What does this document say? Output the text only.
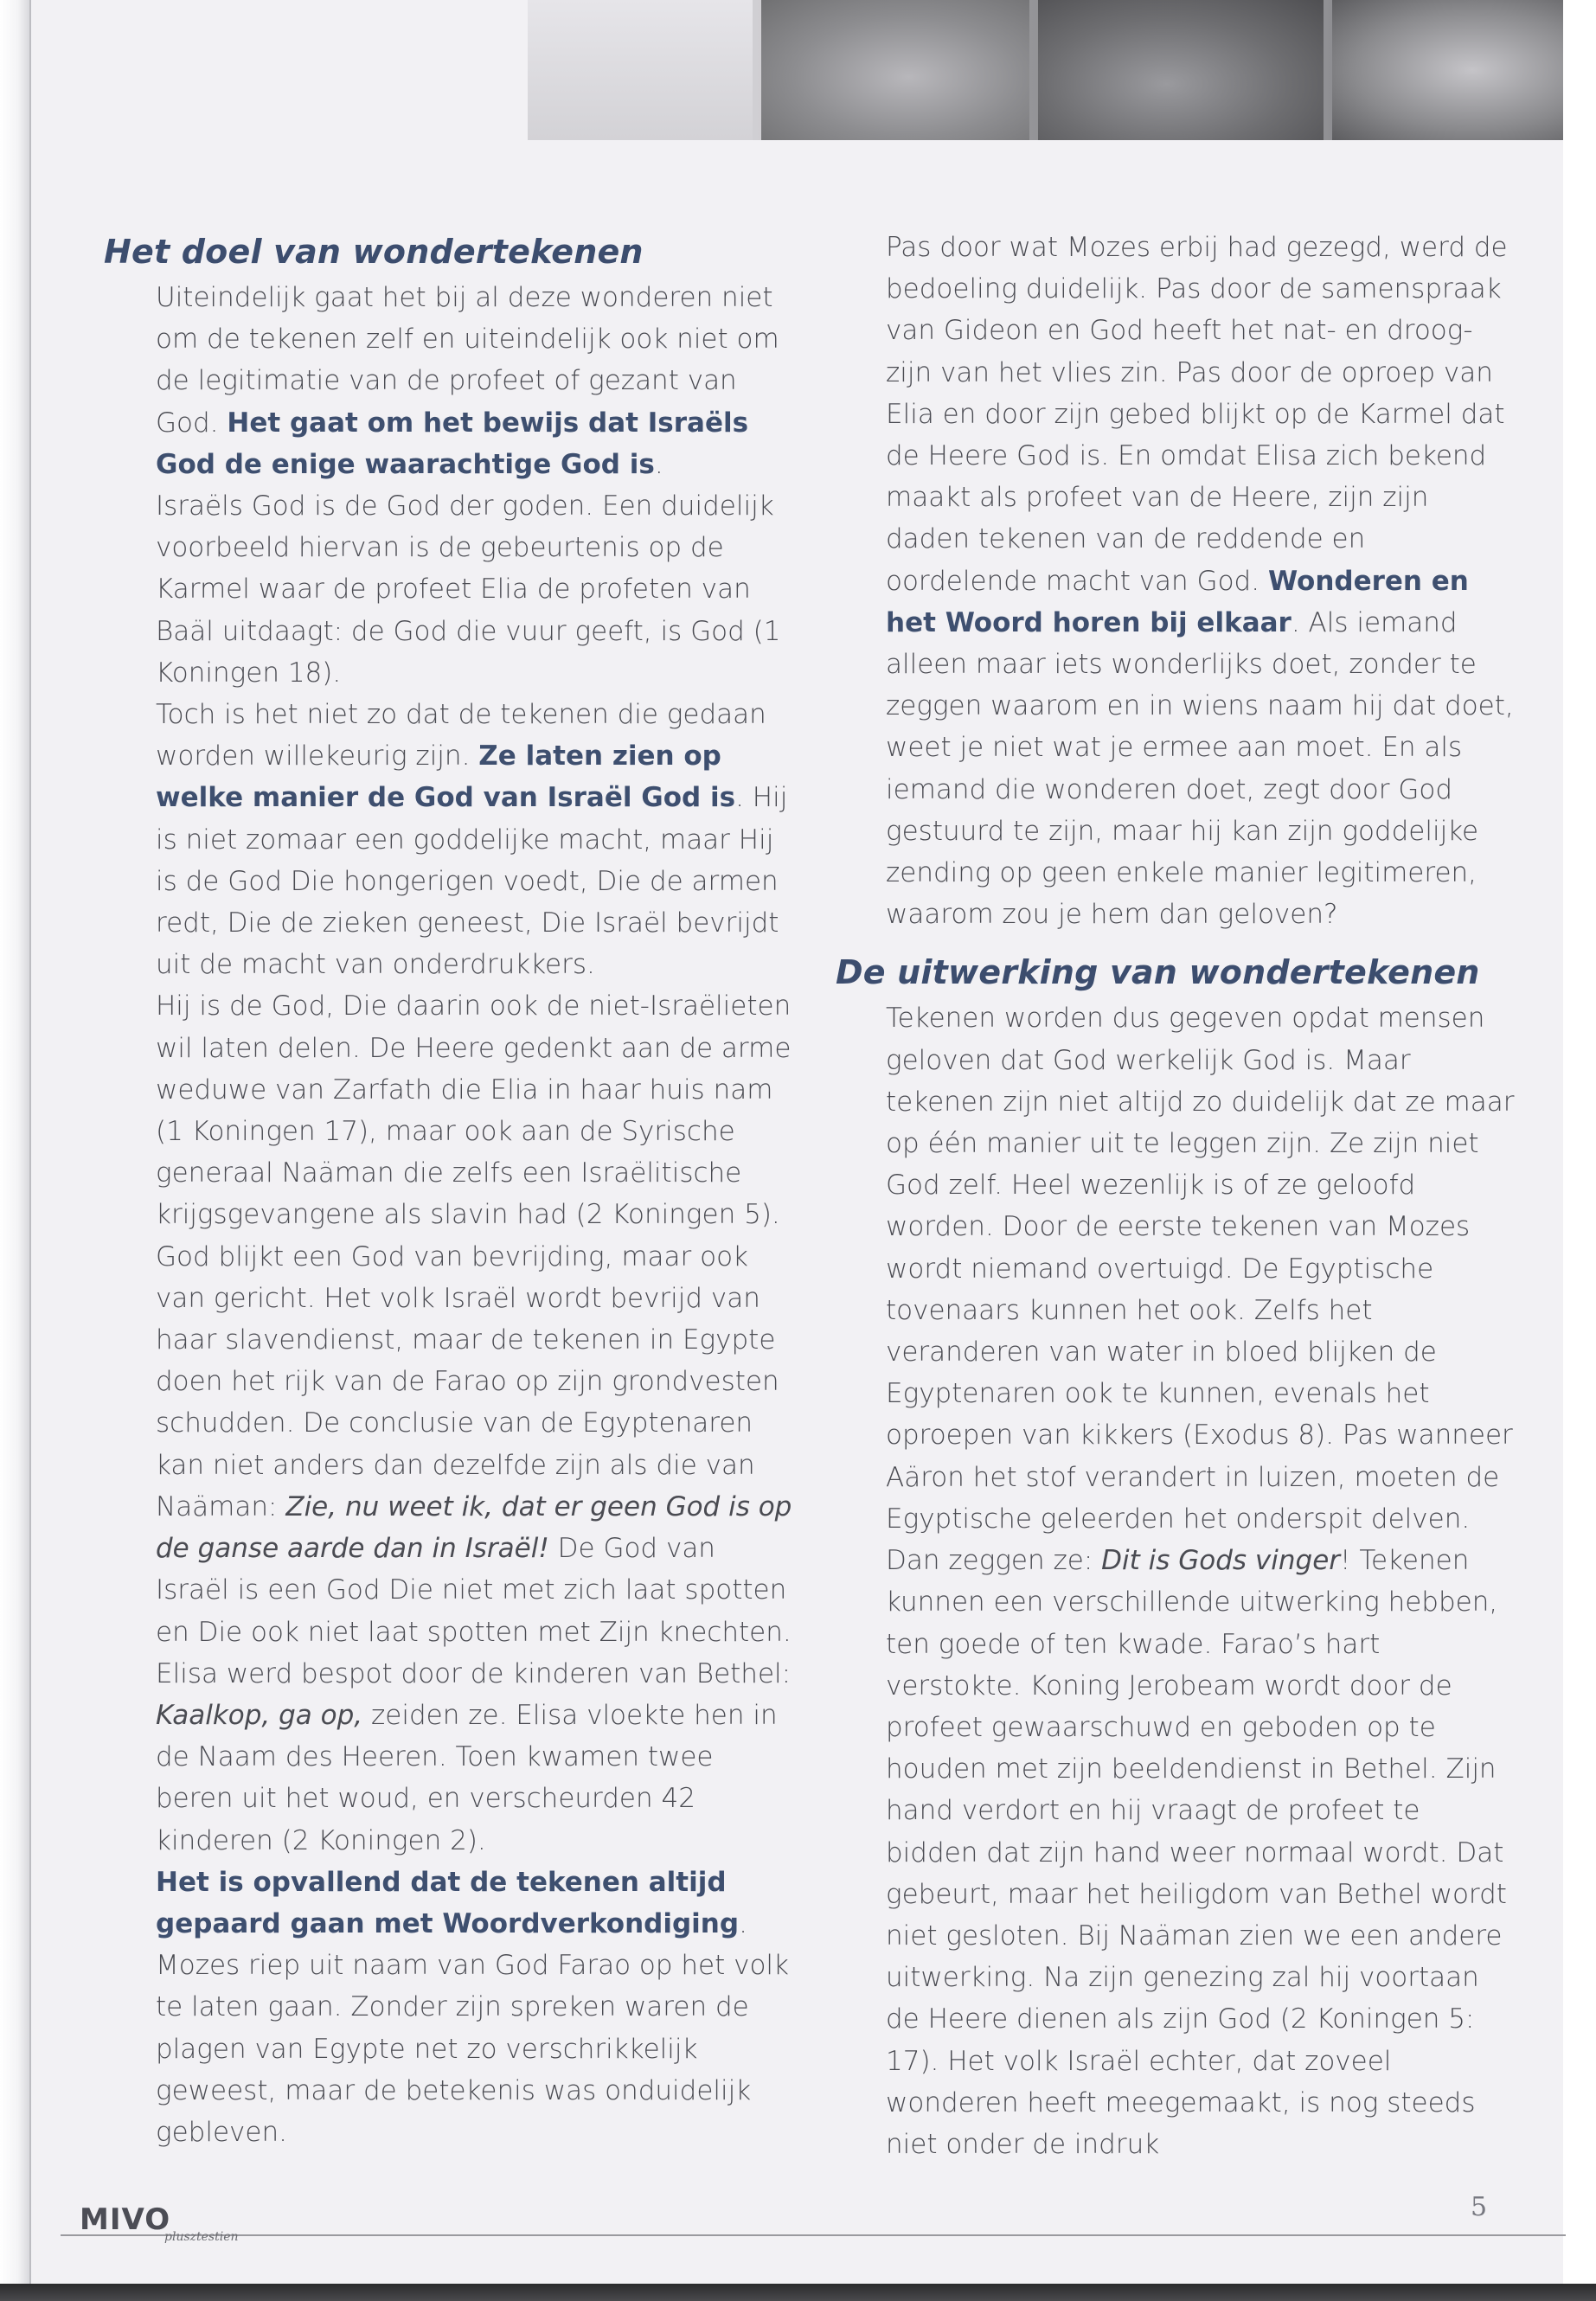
Het doel van wondertekenen

Uiteindelijk gaat het bij al deze wonderen niet om de tekenen zelf en uiteindelijk ook niet om de legitimatie van de profeet of gezant van God. Het gaat om het bewijs dat Israëls God de enige waarachtige God is.

Israëls God is de God der goden. Een duidelijk voorbeeld hiervan is de gebeurtenis op de Karmel waar de profeet Elia de profeten van Baäl uitdaagt: de God die vuur geeft, is God (1 Koningen 18).

Toch is het niet zo dat de tekenen die gedaan worden willekeurig zijn. Ze laten zien op welke manier de God van Israël God is. Hij is niet zomaar een goddelijke macht, maar Hij is de God Die hongerigen voedt, Die de armen redt, Die de zieken geneest, Die Israël bevrijdt uit de macht van onderdrukkers.

Hij is de God, Die daarin ook de niet-Israëlieten wil laten delen. De Heere gedenkt aan de arme weduwe van Zarfath die Elia in haar huis nam (1 Koningen 17), maar ook aan de Syrische generaal Naäman die zelfs een Israëlitische krijgsgevangene als slavin had (2 Koningen 5). God blijkt een God van bevrijding, maar ook van gericht. Het volk Israël wordt bevrijd van haar slavendienst, maar de tekenen in Egypte doen het rijk van de Farao op zijn grondvesten schudden. De conclusie van de Egyptenaren kan niet anders dan dezelfde zijn als die van Naäman: Zie, nu weet ik, dat er geen God is op de ganse aarde dan in Israël! De God van Israël is een God Die niet met zich laat spotten en Die ook niet laat spotten met Zijn knechten. Elisa werd bespot door de kinderen van Bethel: Kaalkop, ga op, zeiden ze. Elisa vloekte hen in de Naam des Heeren. Toen kwamen twee beren uit het woud, en verscheurden 42 kinderen (2 Koningen 2).

Het is opvallend dat de tekenen altijd gepaard gaan met Woordverkondiging. Mozes riep uit naam van God Farao op het volk te laten gaan. Zonder zijn spreken waren de plagen van Egypte net zo verschrikkelijk geweest, maar de betekenis was onduidelijk gebleven.

Pas door wat Mozes erbij had gezegd, werd de bedoeling duidelijk. Pas door de samenspraak van Gideon en God heeft het nat- en droog-zijn van het vlies zin. Pas door de oproep van Elia en door zijn gebed blijkt op de Karmel dat de Heere God is. En omdat Elisa zich bekend maakt als profeet van de Heere, zijn zijn daden tekenen van de reddende en oordelende macht van God. Wonderen en het Woord horen bij elkaar. Als iemand alleen maar iets wonderlijks doet, zonder te zeggen waarom en in wiens naam hij dat doet, weet je niet wat je ermee aan moet. En als iemand die wonderen doet, zegt door God gestuurd te zijn, maar hij kan zijn goddelijke zending op geen enkele manier legitimeren, waarom zou je hem dan geloven?

De uitwerking van wondertekenen

Tekenen worden dus gegeven opdat mensen geloven dat God werkelijk God is. Maar tekenen zijn niet altijd zo duidelijk dat ze maar op één manier uit te leggen zijn. Ze zijn niet God zelf. Heel wezenlijk is of ze geloofd worden. Door de eerste tekenen van Mozes wordt niemand overtuigd. De Egyptische tovenaars kunnen het ook. Zelfs het veranderen van water in bloed blijken de Egyptenaren ook te kunnen, evenals het oproepen van kikkers (Exodus 8). Pas wanneer Aäron het stof verandert in luizen, moeten de Egyptische geleerden het onderspit delven. Dan zeggen ze: Dit is Gods vinger! Tekenen kunnen een verschillende uitwerking hebben, ten goede of ten kwade. Farao’s hart verstokte. Koning Jerobeam wordt door de profeet gewaarschuwd en geboden op te houden met zijn beeldendienst in Bethel. Zijn hand verdort en hij vraagt de profeet te bidden dat zijn hand weer normaal wordt. Dat gebeurt, maar het heiligdom van Bethel wordt niet gesloten. Bij Naäman zien we een andere uitwerking. Na zijn genezing zal hij voortaan de Heere dienen als zijn God (2 Koningen 5: 17). Het volk Israël echter, dat zoveel wonderen heeft meegemaakt, is nog steeds niet onder de indruk

MIVO
plusztestien
5
